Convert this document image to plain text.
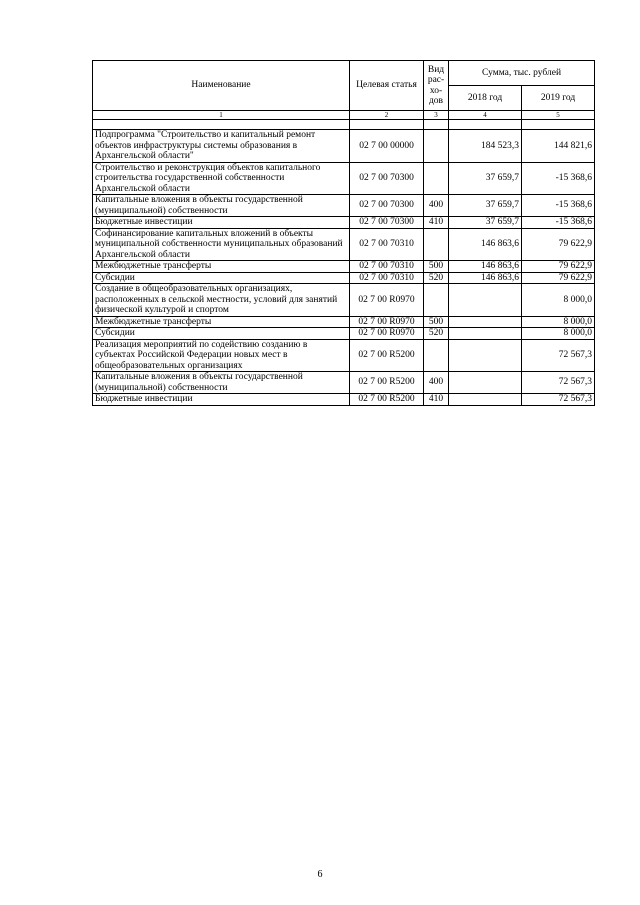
Наименование	Целевая статья	Вид рас- хо- дов	Сумма, тыс. рублей	
			2018 год	2019 год
1	2	3	4	5

Подпрограмма "Строительство и капитальный ремонт объектов инфраструктуры системы образования в Архангельской области"	02 7 00 00000		184 523,3	144 821,6
Строительство и реконструкция объектов капитального строительства государственной собственности Архангельской области	02 7 00 70300		37 659,7	-15 368,6
Капитальные вложения в объекты государственной (муниципальной) собственности	02 7 00 70300	400	37 659,7	-15 368,6
Бюджетные инвестиции	02 7 00 70300	410	37 659,7	-15 368,6
Софинансирование капитальных вложений в объекты муниципальной собственности муниципальных образований Архангельской области	02 7 00 70310		146 863,6	79 622,9
Межбюджетные трансферты	02 7 00 70310	500	146 863,6	79 622,9
Субсидии	02 7 00 70310	520	146 863,6	79 622,9
Создание в общеобразовательных организациях, расположенных в сельской местности, условий для занятий физической культурой и спортом	02 7 00 R0970			8 000,0
Межбюджетные трансферты	02 7 00 R0970	500		8 000,0
Субсидии	02 7 00 R0970	520		8 000,0
Реализация мероприятий по содействию созданию в субъектах Российской Федерации новых мест в общеобразовательных организациях	02 7 00 R5200			72 567,3
Капитальные вложения в объекты государственной (муниципальной) собственности	02 7 00 R5200	400		72 567,3
Бюджетные инвестиции	02 7 00 R5200	410		72 567,3
6
